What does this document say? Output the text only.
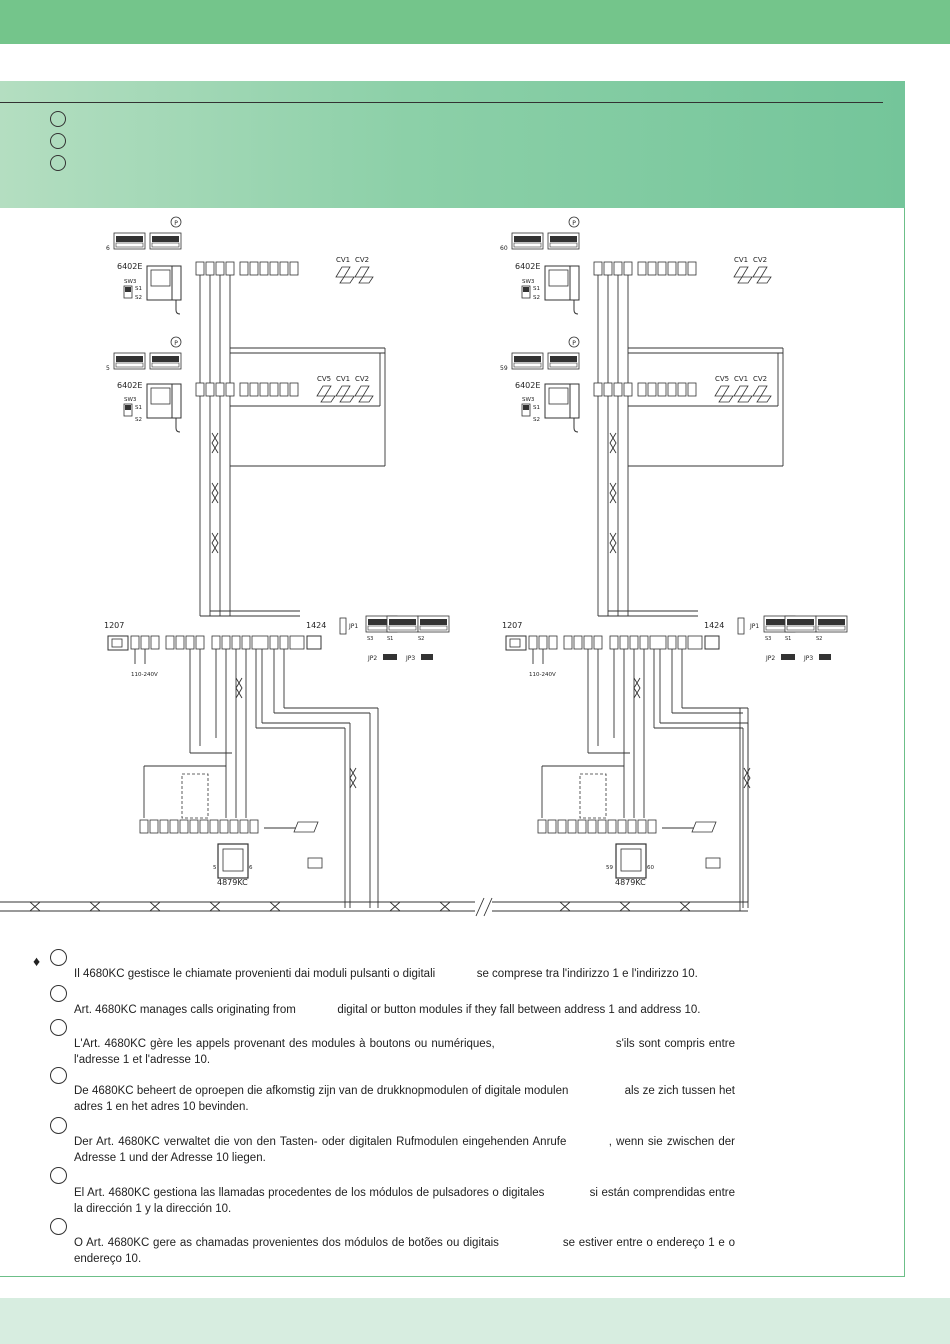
P
6
6402E
SW3
S1
S2
CV1 CV2
P
5
6402E
SW3
S1
S2
CV5 CV1 CV2
1207
110-240V
1424	JP1
S3	S1	S2
JP2	JP3
5	6
4879KC
P
60
6402E
SW3
S1
S2
CV1 CV2
P
59
6402E
SW3
S1
S2
CV5 CV1 CV2
1207
110-240V
1424	JP1
S3	S1	S2
JP2	JP3
59	60
4879KC
♦
Il 4680KC gestisce le chiamate provenienti dai moduli pulsanti o digitali             se comprese tra l'indirizzo 1 e l'indirizzo 10.
Art. 4680KC manages calls originating from             digital or button modules if they fall between address 1 and address 10.
L'Art. 4680KC gère les appels provenant des modules à boutons ou numériques,                              s'ils sont compris entre l'adresse 1 et l'adresse 10.
De 4680KC beheert de oproepen die afkomstig zijn van de drukknopmodulen of digitale modulen                 als ze zich tussen het adres 1 en het adres 10 bevinden.
Der Art. 4680KC verwaltet die von den Tasten- oder digitalen Rufmodulen eingehenden Anrufe          , wenn sie zwischen der Adresse 1 und der Adresse 10 liegen.
El Art. 4680KC gestiona las llamadas procedentes de los módulos de pulsadores o digitales             si están comprendidas entre la dirección 1 y la dirección 10.
O Art. 4680KC gere as chamadas provenientes dos módulos de botões ou digitais                 se estiver entre o endereço 1 e o endereço 10.
